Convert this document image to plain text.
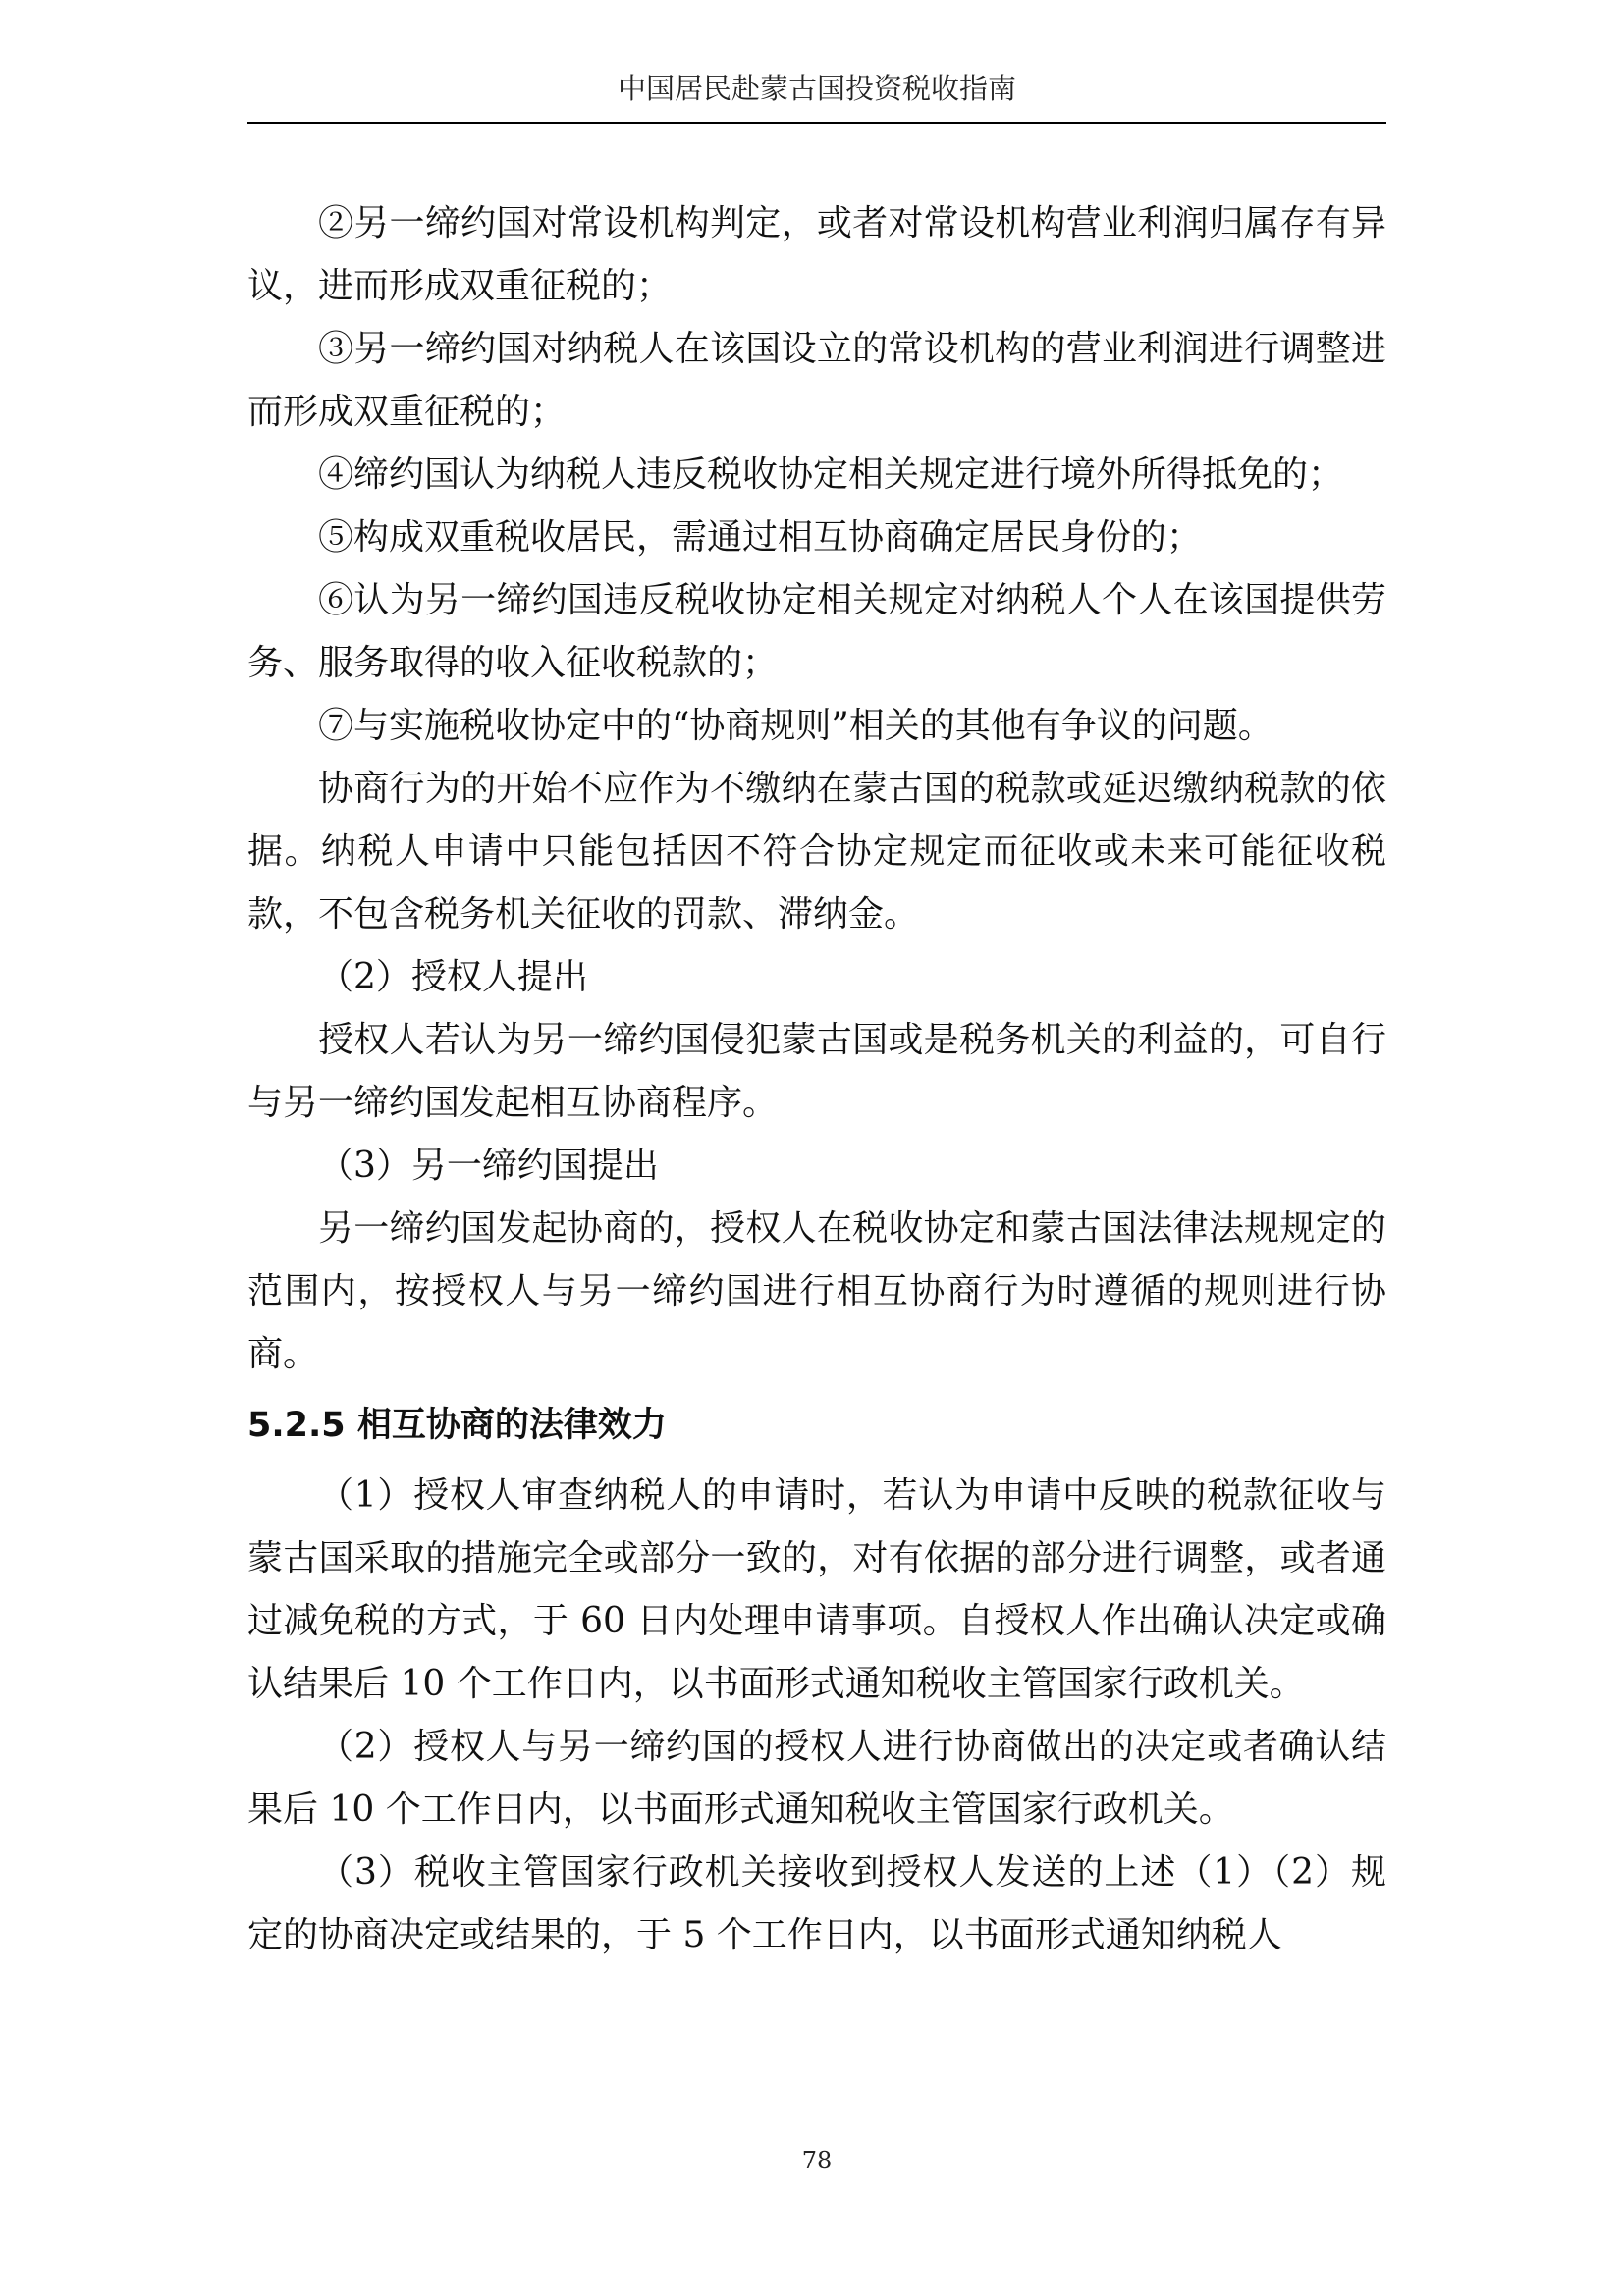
中国居民赴蒙古国投资税收指南

②另一缔约国对常设机构判定，或者对常设机构营业利润归属存有异议，进而形成双重征税的；

③另一缔约国对纳税人在该国设立的常设机构的营业利润进行调整进而形成双重征税的；

④缔约国认为纳税人违反税收协定相关规定进行境外所得抵免的；

⑤构成双重税收居民，需通过相互协商确定居民身份的；

⑥认为另一缔约国违反税收协定相关规定对纳税人个人在该国提供劳务、服务取得的收入征收税款的；

⑦与实施税收协定中的“协商规则”相关的其他有争议的问题。

协商行为的开始不应作为不缴纳在蒙古国的税款或延迟缴纳税款的依据。纳税人申请中只能包括因不符合协定规定而征收或未来可能征收税款，不包含税务机关征收的罚款、滞纳金。

（2）授权人提出

授权人若认为另一缔约国侵犯蒙古国或是税务机关的利益的，可自行与另一缔约国发起相互协商程序。

（3）另一缔约国提出

另一缔约国发起协商的，授权人在税收协定和蒙古国法律法规规定的范围内，按授权人与另一缔约国进行相互协商行为时遵循的规则进行协商。

5.2.5 相互协商的法律效力

（1）授权人审查纳税人的申请时，若认为申请中反映的税款征收与蒙古国采取的措施完全或部分一致的，对有依据的部分进行调整，或者通过减免税的方式，于 60 日内处理申请事项。自授权人作出确认决定或确认结果后 10 个工作日内，以书面形式通知税收主管国家行政机关。

（2）授权人与另一缔约国的授权人进行协商做出的决定或者确认结果后 10 个工作日内，以书面形式通知税收主管国家行政机关。

（3）税收主管国家行政机关接收到授权人发送的上述（1）（2）规定的协商决定或结果的，于 5 个工作日内，以书面形式通知纳税人

78
